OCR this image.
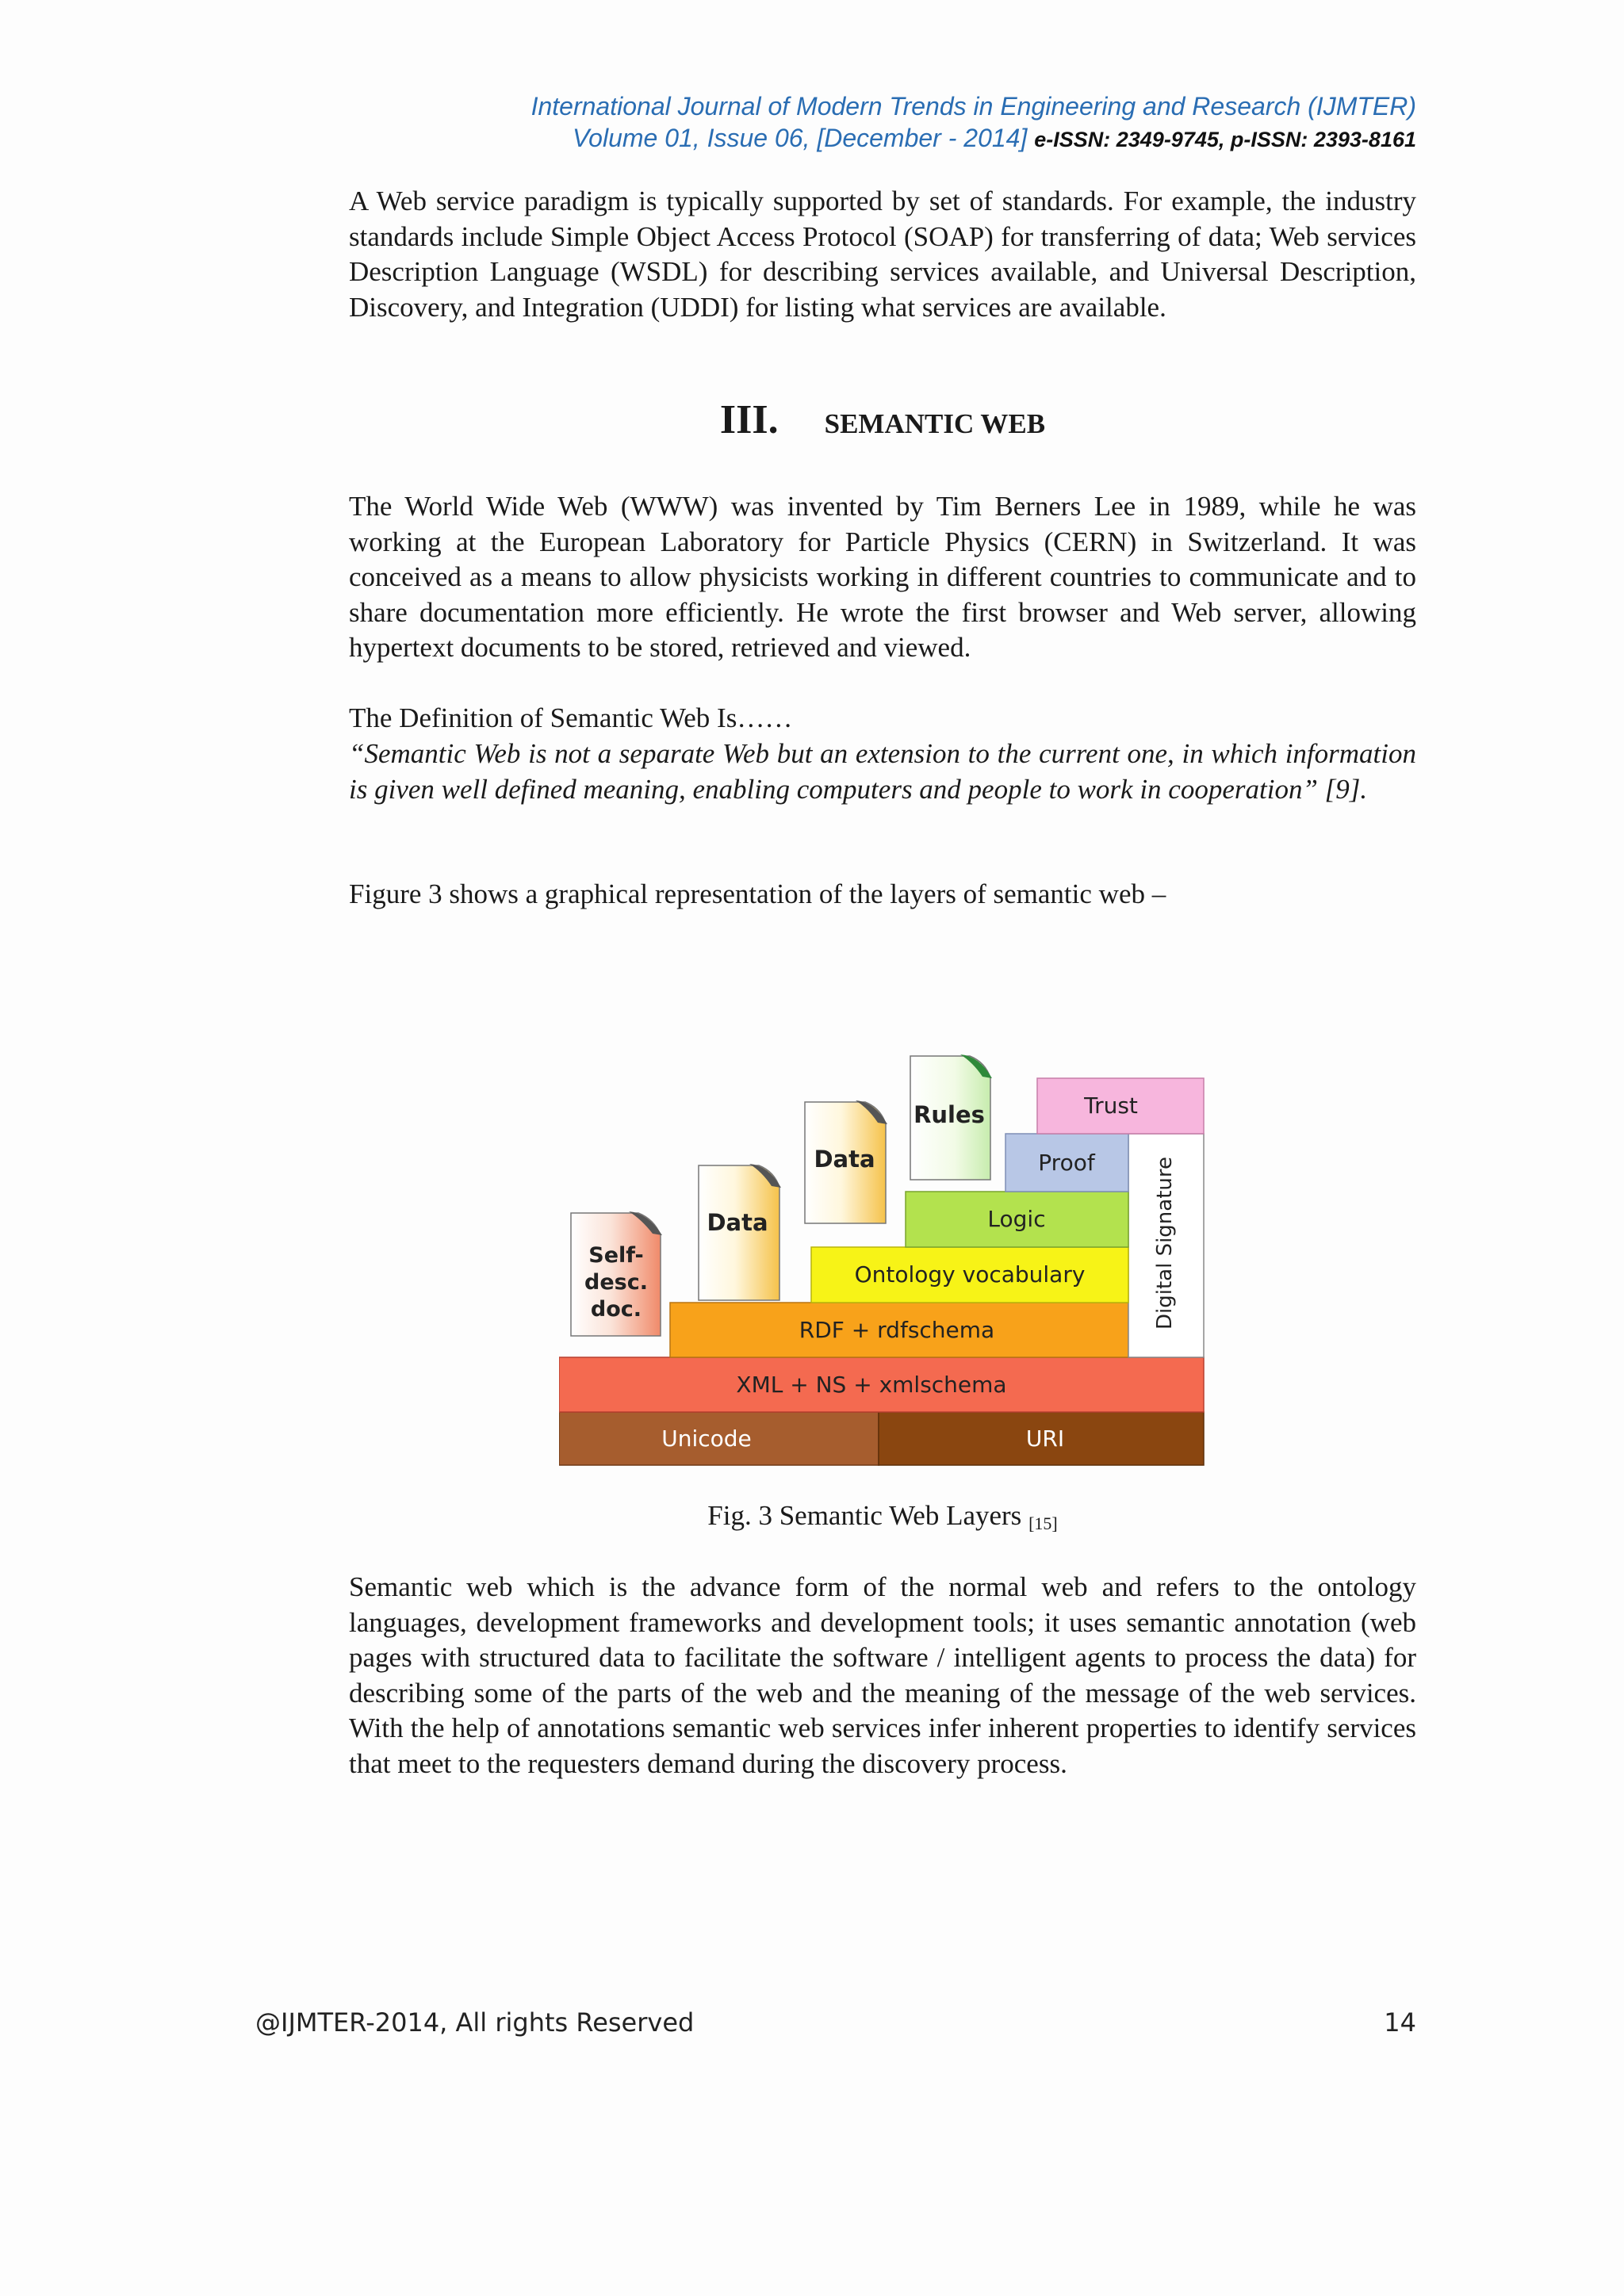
International Journal of Modern Trends in Engineering and Research (IJMTER)
Volume 01, Issue 06, [December - 2014] e-ISSN: 2349-9745, p-ISSN: 2393-8161

A Web service paradigm is typically supported by set of standards. For example, the industry standards include Simple Object Access Protocol (SOAP) for transferring of data; Web services Description Language (WSDL) for describing services available, and Universal Description, Discovery, and Integration (UDDI) for listing what services are available.

III. SEMANTIC WEB

The World Wide Web (WWW) was invented by Tim Berners Lee in 1989, while he was working at the European Laboratory for Particle Physics (CERN) in Switzerland. It was conceived as a means to allow physicists working in different countries to communicate and to share documentation more efficiently. He wrote the first browser and Web server, allowing hypertext documents to be stored, retrieved and viewed.

The Definition of Semantic Web Is……

“Semantic Web is not a separate Web but an extension to the current one, in which information is given well defined meaning, enabling computers and people to work in cooperation” [9].

Figure 3 shows a graphical representation of the layers of semantic web –

Unicode	URI
XML + NS + xmlschema
RDF + rdfschema
Digital Signature
Ontology vocabulary
Logic
Proof
Trust
Self-
desc.
doc.
Data
Data
Rules
Fig. 3 Semantic Web Layers [15]

Semantic web which is the advance form of the normal web and refers to the ontology languages, development frameworks and development tools; it uses semantic annotation (web pages with structured data to facilitate the software / intelligent agents to process the data) for describing some of the parts of the web and the meaning of the message of the web services. With the help of annotations semantic web services infer inherent properties to identify services that meet to the requesters demand during the discovery process.

@IJMTER-2014, All rights Reserved	14
